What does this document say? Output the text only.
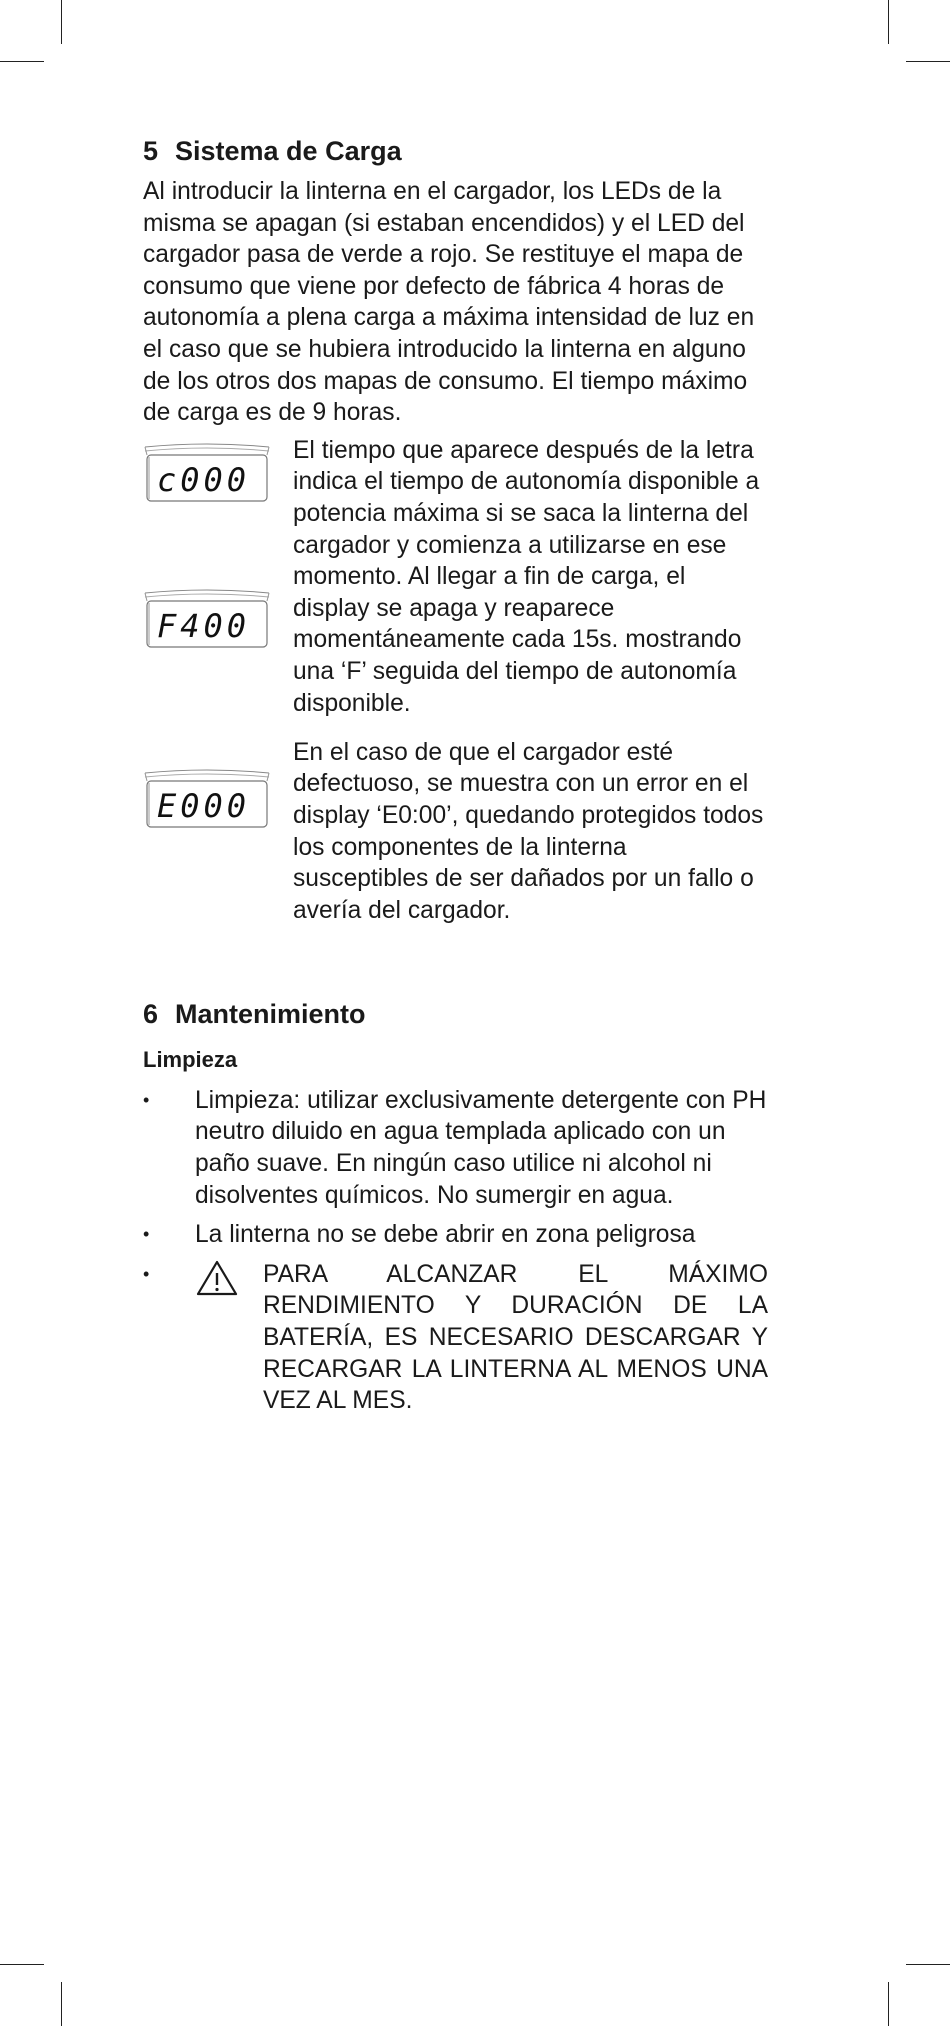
5 Sistema de Carga

Al introducir la linterna en el cargador, los LEDs de la misma se apagan (si estaban encendidos) y el LED del cargador pasa de verde a rojo. Se restituye el mapa de consumo que viene por defecto de fábrica 4 horas de autonomía a plena carga a máxima intensidad de luz en el caso que se hubiera introducido la linterna en alguno de los otros dos mapas de consumo. El tiempo máximo de carga es de 9 horas.

c000
F400

El tiempo que aparece después de la letra indica el tiempo de autonomía disponible a potencia máxima si se saca la linterna del cargador y comienza a utilizarse en ese momento. Al llegar a fin de carga, el display se apaga y reaparece momentáneamente cada 15s. mostrando una ‘F’ seguida del tiempo de autonomía disponible.

E000

En el caso de que el cargador esté defectuoso, se muestra con un error en el display ‘E0:00’, quedando protegidos todos los componentes de la linterna susceptibles de ser dañados por un fallo o avería del cargador.

6 Mantenimiento
Limpieza
•	Limpieza: utilizar exclusivamente detergente con PH neutro diluido en agua templada aplicado con un paño suave. En ningún caso utilice ni alcohol ni disolventes químicos. No sumergir en agua.
•	La linterna no se debe abrir en zona peligrosa
•	PARA ALCANZAR EL MÁXIMO RENDIMIENTO Y DURACIÓN DE LA BATERÍA, ES NECESARIO DESCARGAR Y RECARGAR LA LINTERNA AL MENOS UNA VEZ AL MES.
